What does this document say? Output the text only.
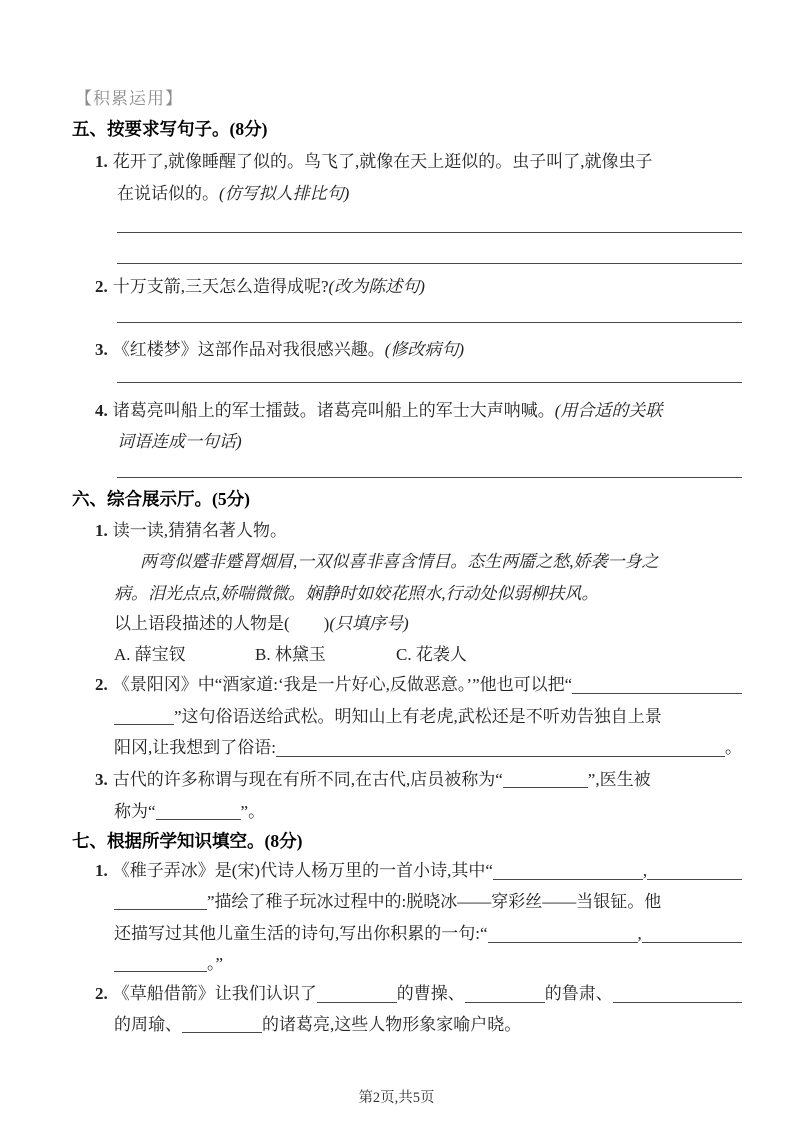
【积累运用】
五、按要求写句子。(8分)
1. 花开了,就像睡醒了似的。鸟飞了,就像在天上逛似的。虫子叫了,就像虫子
在说话似的。(仿写拟人排比句)
2. 十万支箭,三天怎么造得成呢?(改为陈述句)
3. 《红楼梦》这部作品对我很感兴趣。(修改病句)
4. 诸葛亮叫船上的军士擂鼓。诸葛亮叫船上的军士大声呐喊。(用合适的关联
词语连成一句话)
六、综合展示厅。(5分)
1. 读一读,猜猜名著人物。
两弯似蹙非蹙罥烟眉,一双似喜非喜含情目。态生两靥之愁,娇袭一身之
病。泪光点点,娇喘微微。娴静时如姣花照水,行动处似弱柳扶风。
以上语段描述的人物是(　　)(只填序号)
A. 薛宝钗	B. 林黛玉	C. 花袭人
2. 《景阳冈》中“酒家道:‘我是一片好心,反做恶意。’”他也可以把“
”这句俗语送给武松。明知山上有老虎,武松还是不听劝告独自上景
阳冈,让我想到了俗语:	。
3. 古代的许多称谓与现在有所不同,在古代,店员被称为“	”,医生被
称为“	”。
七、根据所学知识填空。(8分)
1. 《稚子弄冰》是(宋)代诗人杨万里的一首小诗,其中“	,
”描绘了稚子玩冰过程中的:脱晓冰——穿彩丝——当银钲。他
还描写过其他儿童生活的诗句,写出你积累的一句:“	,
。”
2. 《草船借箭》让我们认识了	的曹操、	的鲁肃、
的周瑜、	的诸葛亮,这些人物形象家喻户晓。
第2页,共5页
